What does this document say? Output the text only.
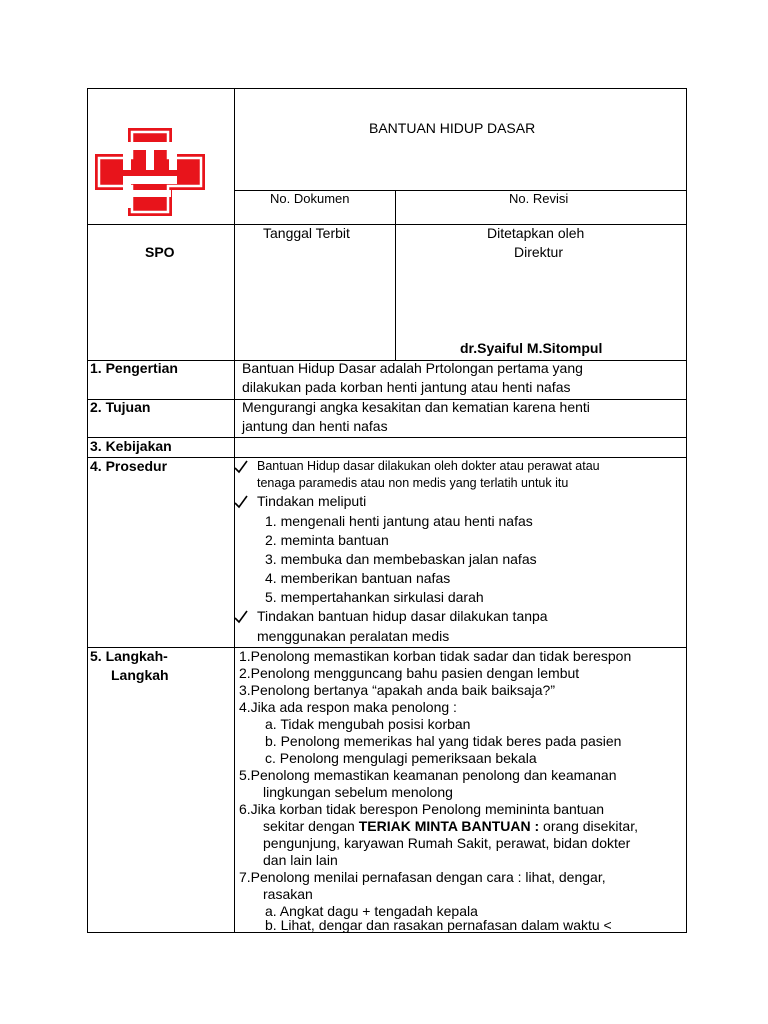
BANTUAN HIDUP DASAR
No. Dokumen	No. Revisi
SPO
Tanggal Terbit	Ditetapkan oleh
Direktur
dr.Syaiful M.Sitompul
1. Pengertian	Bantuan Hidup Dasar adalah Prtolongan pertama yang
dilakukan pada korban henti jantung atau henti nafas
2. Tujuan	Mengurangi angka kesakitan dan kematian karena henti
jantung dan henti nafas
3. Kebijakan
4. Prosedur	Bantuan Hidup dasar dilakukan oleh dokter atau perawat atau
tenaga paramedis atau non medis yang terlatih untuk itu
Tindakan meliputi
1. mengenali henti jantung atau henti nafas
2. meminta bantuan
3. membuka dan membebaskan jalan nafas
4. memberikan bantuan nafas
5. mempertahankan sirkulasi darah
Tindakan bantuan hidup dasar dilakukan tanpa
menggunakan peralatan medis
5. Langkah-
Langkah
1.Penolong memastikan korban tidak sadar dan tidak berespon
2.Penolong mengguncang bahu pasien dengan lembut
3.Penolong bertanya “apakah anda baik baiksaja?”
4.Jika ada respon maka penolong :
a. Tidak mengubah posisi korban
b. Penolong memerikas hal yang tidak beres pada pasien
c. Penolong mengulagi pemeriksaan bekala
5.Penolong memastikan keamanan penolong dan keamanan
lingkungan sebelum menolong
6.Jika korban tidak berespon Penolong memininta bantuan
sekitar dengan TERIAK MINTA BANTUAN : orang disekitar,
pengunjung, karyawan Rumah Sakit, perawat, bidan dokter
dan lain lain
7.Penolong menilai pernafasan dengan cara : lihat, dengar,
rasakan
a. Angkat dagu + tengadah kepala
b. Lihat, dengar dan rasakan pernafasan dalam waktu <
